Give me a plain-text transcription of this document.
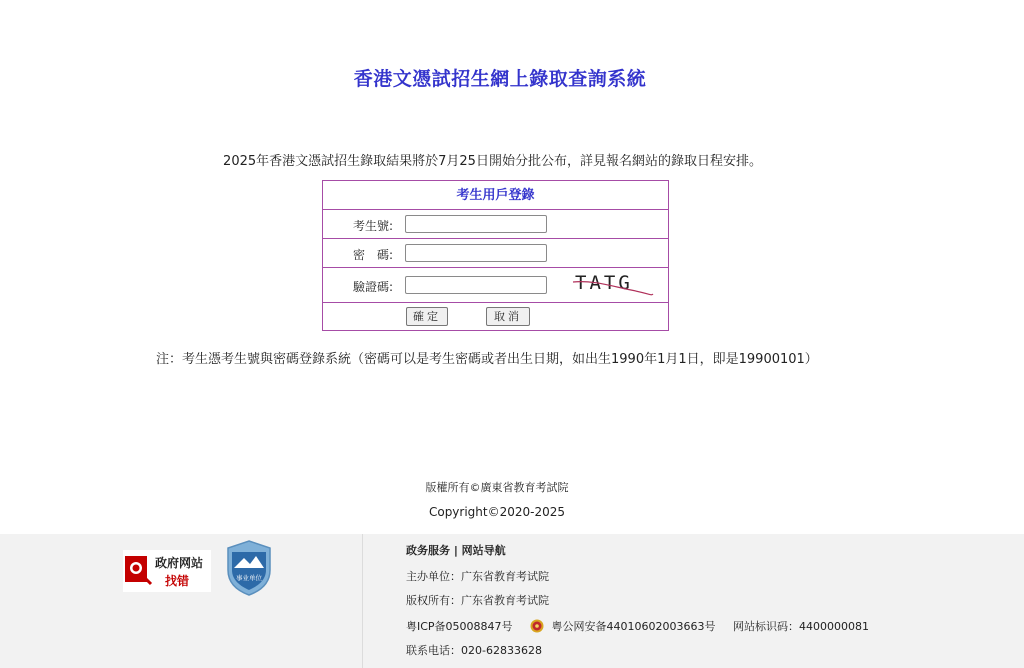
香港文憑試招生網上錄取查詢系統
2025年香港文憑試招生錄取結果將於7月25日開始分批公布，詳見報名網站的錄取日程安排。
考生用戶登錄
考生號:
密　碼:
驗證碼:	TATG
確定	取消
注：考生憑考生號與密碼登錄系統（密碼可以是考生密碼或者出生日期，如出生1990年1月1日，即是19900101）
版權所有©廣東省教育考試院
Copyright©2020-2025
政府网站
找错	事业单位
政务服务 | 网站导航
主办单位：广东省教育考试院
版权所有：广东省教育考试院
粤ICP备05008847号	粤公网安备44010602003663号 网站标识码：4400000081
联系电话：020-62833628
